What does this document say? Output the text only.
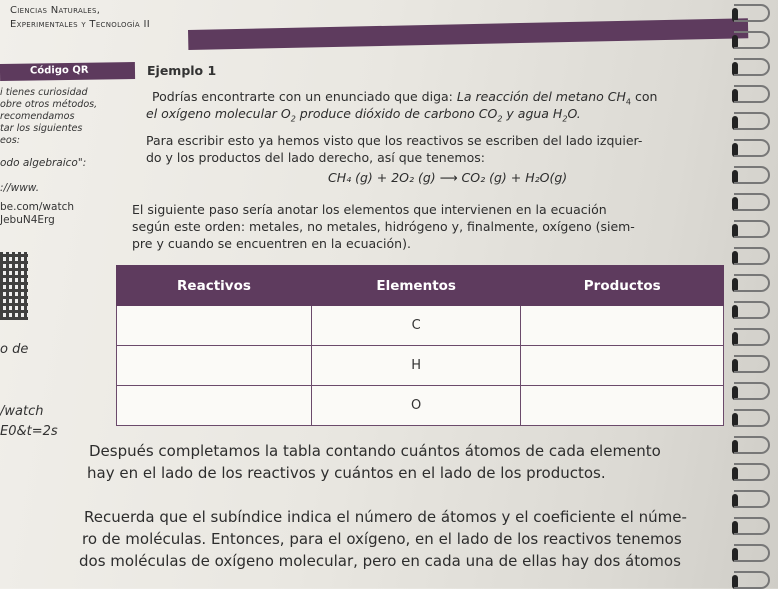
Ciencias Naturales,
Experimentales y Tecnología II
Código QR
i tienes curiosidad
obre otros métodos,
recomendamos
tar los siguientes
eos:
odo algebraico":
://www.
be.com/watch
JebuN4Erg
o de
/watch
E0&t=2s
Ejemplo 1
Podrías encontrarte con un enunciado que diga: La reacción del metano $CH_4$ con
el oxígeno molecular $O_2$ produce dióxido de carbono $CO_2$ y agua $H_2O$.
Para escribir esto ya hemos visto que los reactivos se escriben del lado izquier-
do y los productos del lado derecho, así que tenemos:
CH₄ (g) + 2O₂ (g) ⟶ CO₂ (g) + H₂O(g)
El siguiente paso sería anotar los elementos que intervienen en la ecuación
según este orden: metales, no metales, hidrógeno y, finalmente, oxígeno (siem-
pre y cuando se encuentren en la ecuación).
Reactivos	Elementos	Productos
	C	
	H	
	O	
Después completamos la tabla contando cuántos átomos de cada elemento
hay en el lado de los reactivos y cuántos en el lado de los productos.
Recuerda que el subíndice indica el número de átomos y el coeficiente el núme-
ro de moléculas. Entonces, para el oxígeno, en el lado de los reactivos tenemos
dos moléculas de oxígeno molecular, pero en cada una de ellas hay dos átomos
